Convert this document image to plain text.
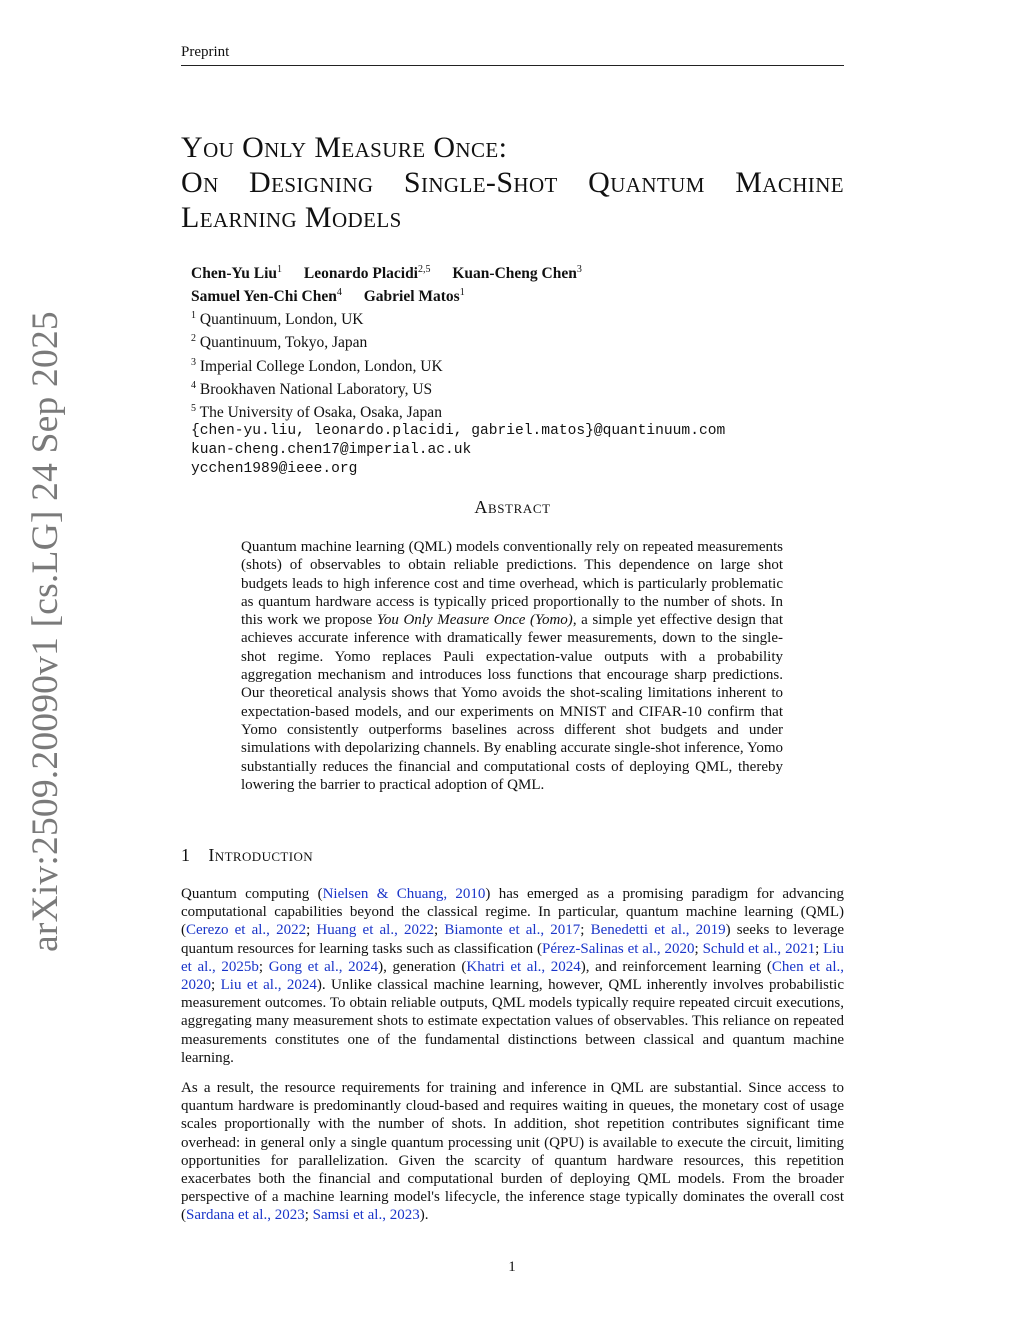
Preprint
arXiv:2509.20090v1 [cs.LG] 24 Sep 2025
You Only Measure Once:
On Designing Single-Shot Quantum Machine
Learning Models
Chen-Yu Liu$^1$ Leonardo Placidi$^{2,5}$ Kuan-Cheng Chen$^3$
Samuel Yen-Chi Chen$^4$ Gabriel Matos$^1$
$^1$ Quantinuum, London, UK
$^2$ Quantinuum, Tokyo, Japan
$^3$ Imperial College London, London, UK
$^4$ Brookhaven National Laboratory, US
$^5$ The University of Osaka, Osaka, Japan
{chen-yu.liu, leonardo.placidi, gabriel.matos}@quantinuum.com
kuan-cheng.chen17@imperial.ac.uk
ycchen1989@ieee.org
Abstract
Quantum machine learning (QML) models conventionally rely on repeated measurements (shots) of observables to obtain reliable predictions. This dependence on large shot budgets leads to high inference cost and time overhead, which is particularly problematic as quantum hardware access is typically priced proportionally to the number of shots. In this work we propose You Only Measure Once (Yomo), a simple yet effective design that achieves accurate inference with dramatically fewer measurements, down to the single-shot regime. Yomo replaces Pauli expectation-value outputs with a probability aggregation mechanism and introduces loss functions that encourage sharp predictions. Our theoretical analysis shows that Yomo avoids the shot-scaling limitations inherent to expectation-based models, and our experiments on MNIST and CIFAR-10 confirm that Yomo consistently outperforms baselines across different shot budgets and under simulations with depolarizing channels. By enabling accurate single-shot inference, Yomo substantially reduces the financial and computational costs of deploying QML, thereby lowering the barrier to practical adoption of QML.
1 Introduction
Quantum computing (Nielsen & Chuang, 2010) has emerged as a promising paradigm for advancing computational capabilities beyond the classical regime. In particular, quantum machine learning (QML) (Cerezo et al., 2022; Huang et al., 2022; Biamonte et al., 2017; Benedetti et al., 2019) seeks to leverage quantum resources for learning tasks such as classification (Pérez-Salinas et al., 2020; Schuld et al., 2021; Liu et al., 2025b; Gong et al., 2024), generation (Khatri et al., 2024), and reinforcement learning (Chen et al., 2020; Liu et al., 2024). Unlike classical machine learning, however, QML inherently involves probabilistic measurement outcomes. To obtain reliable outputs, QML models typically require repeated circuit executions, aggregating many measurement shots to estimate expectation values of observables. This reliance on repeated measurements constitutes one of the fundamental distinctions between classical and quantum machine learning.
As a result, the resource requirements for training and inference in QML are substantial. Since access to quantum hardware is predominantly cloud-based and requires waiting in queues, the monetary cost of usage scales proportionally with the number of shots. In addition, shot repetition contributes significant time overhead: in general only a single quantum processing unit (QPU) is available to execute the circuit, limiting opportunities for parallelization. Given the scarcity of quantum hardware resources, this repetition exacerbates both the financial and computational burden of deploying QML models. From the broader perspective of a machine learning model's lifecycle, the inference stage typically dominates the overall cost (Sardana et al., 2023; Samsi et al., 2023).
1
